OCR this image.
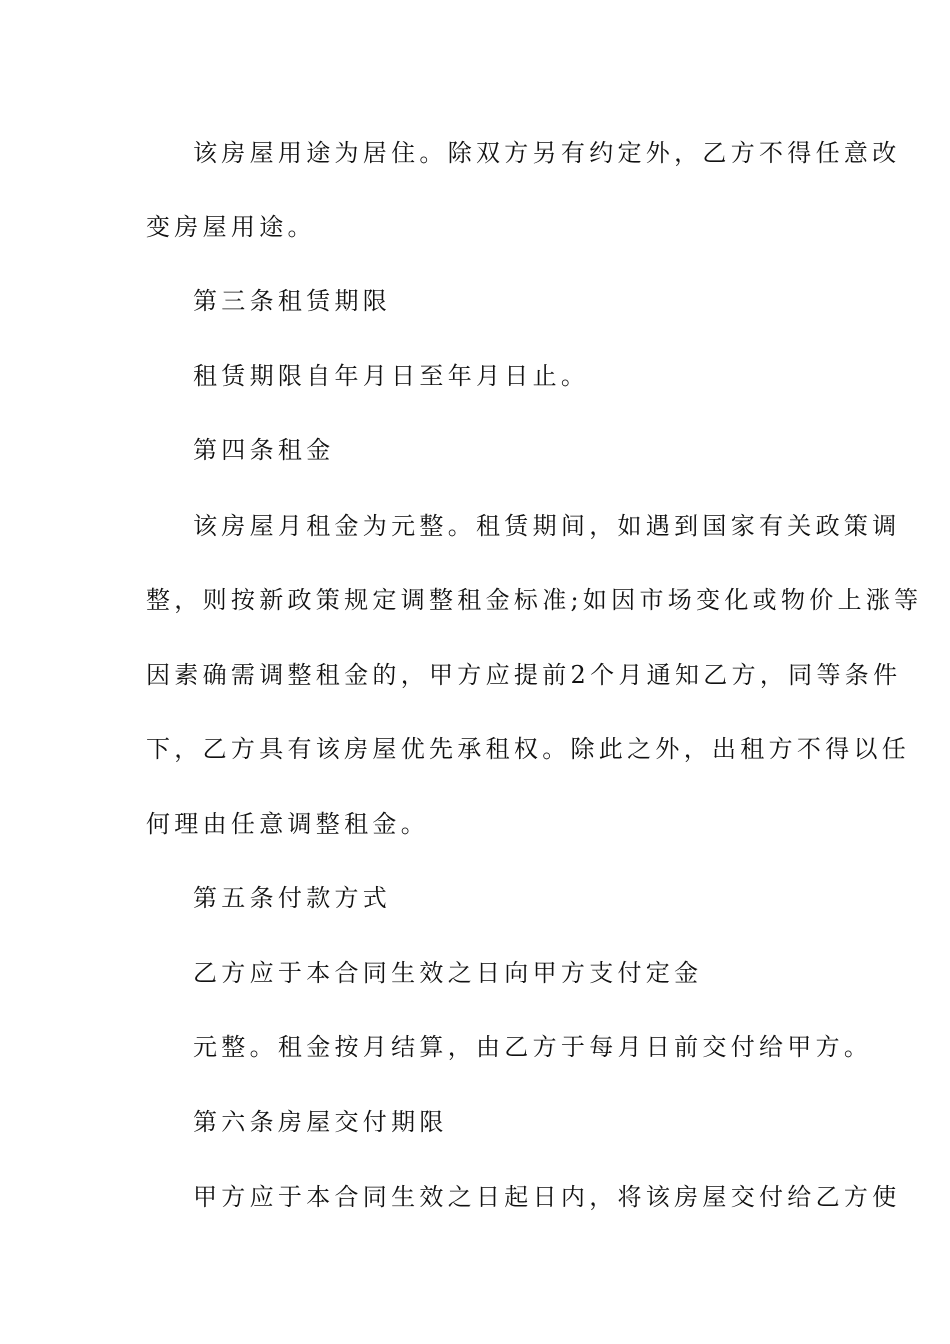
该房屋用途为居住。除双方另有约定外，乙方不得任意改

变房屋用途。

第三条租赁期限

租赁期限自年月日至年月日止。

第四条租金

该房屋月租金为元整。租赁期间，如遇到国家有关政策调

整，则按新政策规定调整租金标准;如因市场变化或物价上涨等

因素确需调整租金的，甲方应提前2个月通知乙方，同等条件

下，乙方具有该房屋优先承租权。除此之外，出租方不得以任

何理由任意调整租金。

第五条付款方式

乙方应于本合同生效之日向甲方支付定金

元整。租金按月结算，由乙方于每月日前交付给甲方。

第六条房屋交付期限

甲方应于本合同生效之日起日内，将该房屋交付给乙方使
